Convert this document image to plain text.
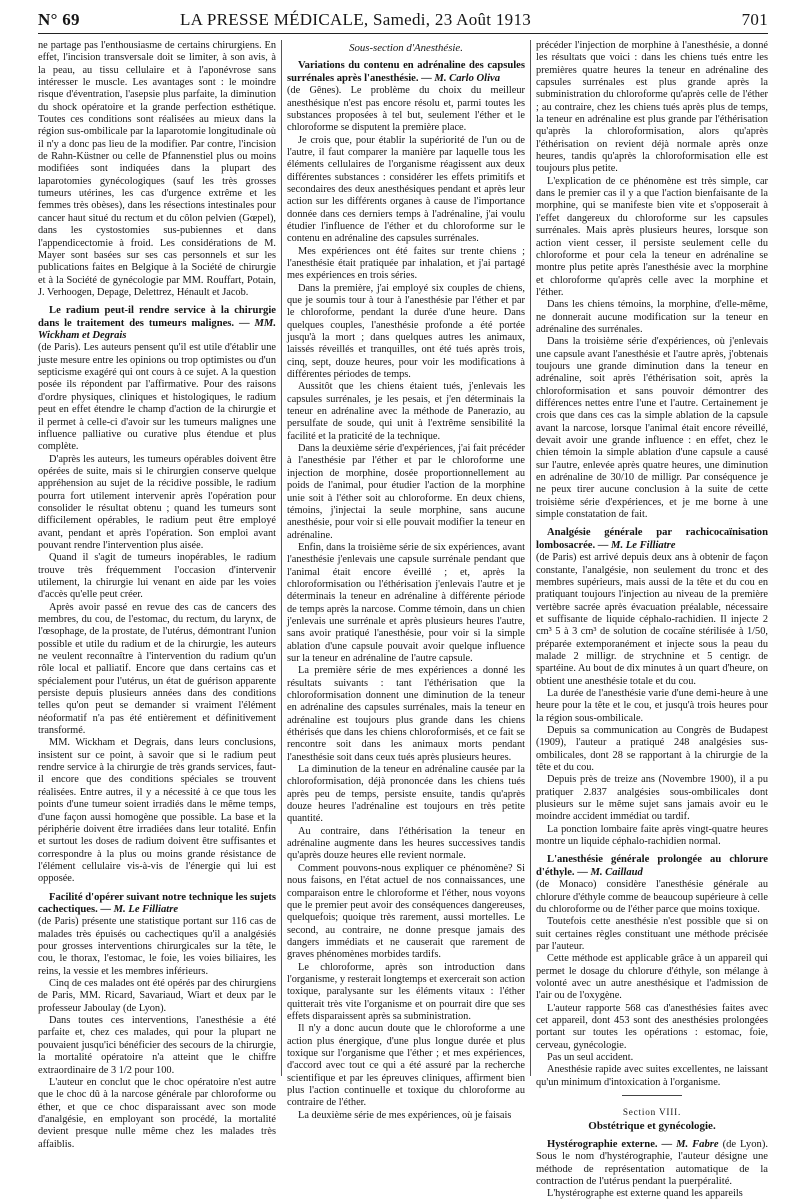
N° 69	LA PRESSE MÉDICALE, Samedi, 23 Août 1913	701

ne partage pas l'enthousiasme de certains chirurgiens. En effet, l'incision transversale doit se limiter, à son avis, à la peau, au tissu cellulaire et à l'aponévrose sans intéresser le muscle. Les avantages sont : le moindre risque d'éventration, l'asepsie plus parfaite, la diminution du shock opératoire et la grande perfection esthétique. Toutes ces conditions sont réalisées au mieux dans la région sus-ombilicale par la laparotomie longitudinale où il n'y a donc pas lieu de la modifier. Par contre, l'incision de Rahn-Küstner ou celle de Pfannenstiel plus ou moins modifiées sont indiquées dans la plupart des laparotomies gynécologiques (sauf les très grosses tumeurs utérines, les cas d'urgence extrême et les femmes très obèses), dans les résections intestinales pour cancer haut situé du rectum et du côlon pelvien (Gœpel), dans les cystostomies sus-pubiennes et dans l'appendicectomie à froid. Les considérations de M. Mayer sont basées sur ses cas personnels et sur les publications faites en Belgique à la Société de chirurgie et à la Société de gynécologie par MM. Rouffart, Potain, J. Verhoogen, Depage, Delettrez, Hénault et Jacob.

Le radium peut-il rendre service à la chirurgie dans le traitement des tumeurs malignes. — MM. Wickham et Degrais

(de Paris). Les auteurs pensent qu'il est utile d'établir une juste mesure entre les opinions ou trop optimistes ou d'un septicisme exagéré qui ont cours à ce sujet. A la question posée ils répondent par l'affirmative. Pour des raisons d'ordre physiques, cliniques et histologiques, le radium peut en effet étendre le champ d'action de la chirurgie et il permet à celle-ci d'avoir sur les tumeurs malignes une influence palliative ou curative plus étendue et plus complète.

D'après les auteurs, les tumeurs opérables doivent être opérées de suite, mais si le chirurgien conserve quelque appréhension au sujet de la récidive possible, le radium pourra fort utilement intervenir après l'opération pour consolider le résultat obtenu ; quand les tumeurs sont difficilement opérables, le radium peut être employé avant, pendant et après l'opération. Son emploi avant pouvant rendre l'intervention plus aisée.

Quand il s'agit de tumeurs inopérables, le radium trouve très fréquemment l'occasion d'intervenir utilement, la chirurgie lui venant en aide par les voies d'accès qu'elle peut créer.

Après avoir passé en revue des cas de cancers des membres, du cou, de l'estomac, du rectum, du larynx, de l'œsophage, de la prostate, de l'utérus, démontrant l'union possible et utile du radium et de la chirurgie, les auteurs ne veulent reconnaître à l'intervention du radium qu'un rôle local et palliatif. Encore que dans certains cas et spécialement pour l'utérus, un état de guérison apparente persiste depuis plusieurs années dans des conditions telles qu'on peut se demander si vraiment l'élément néoformatif n'a pas été entièrement et définitivement transformé.

MM. Wickham et Degrais, dans leurs conclusions, insistent sur ce point, à savoir que si le radium peut rendre service à la chirurgie de très grands services, faut-il encore que des conditions spéciales se trouvent réalisées. Entre autres, il y a nécessité à ce que tous les points d'une tumeur soient irradiés dans le même temps, d'une façon aussi homogène que possible. La base et la périphérie doivent être irradiées dans leur totalité. Enfin et surtout les doses de radium doivent être suffisantes et correspondre à la plus ou moins grande résistance de l'élément cellulaire vis-à-vis de l'énergie qui lui est opposée.

Facilité d'opérer suivant notre technique les sujets cachectiques. — M. Le Filliatre

(de Paris) présente une statistique portant sur 116 cas de malades très épuisés ou cachectiques qu'il a analgésiés pour grosses interventions chirurgicales sur la tête, le cou, le thorax, l'estomac, le foie, les voies biliaires, les reins, la vessie et les membres inférieurs.

Cinq de ces malades ont été opérés par des chirurgiens de Paris, MM. Ricard, Savariaud, Wiart et deux par le professeur Jaboulay (de Lyon).

Dans toutes ces interventions, l'anesthésie a été parfaite et, chez ces malades, qui pour la plupart ne pouvaient jusqu'ici bénéficier des secours de la chirurgie, la mortalité opératoire n'a atteint que le chiffre extraordinaire de 3 1/2 pour 100.

L'auteur en conclut que le choc opératoire n'est autre que le choc dû à la narcose générale par chloroforme ou éther, et que ce choc disparaissant avec son mode d'analgésie, en employant son procédé, la mortalité devient presque nulle même chez les malades très affaiblis.

Sous-section d'Anesthésie.
Variations du contenu en adrénaline des capsules surrénales après l'anesthésie. — M. Carlo Oliva

(de Gênes). Le problème du choix du meilleur anesthésique n'est pas encore résolu et, parmi toutes les substances proposées à tel but, seulement l'éther et le chloroforme se disputent la première place.

Je crois que, pour établir la supériorité de l'un ou de l'autre, il faut comparer la manière par laquelle tous les éléments cellulaires de l'organisme réagissent aux deux différentes substances : considérer les effets primitifs et secondaires des deux anesthésiques pendant et après leur action sur les différents organes à cause de l'importance donnée dans ces derniers temps à l'adrénaline, j'ai voulu étudier l'influence de l'éther et du chloroforme sur le contenu en adrénaline des capsules surrénales.

Mes expériences ont été faites sur trente chiens ; l'anesthésie était pratiquée par inhalation, et j'ai partagé mes expériences en trois séries.

Dans la première, j'ai employé six couples de chiens, que je soumis tour à tour à l'anesthésie par l'éther et par le chloroforme, pendant la durée d'une heure. Dans quelques couples, l'anesthésie profonde a été portée jusqu'à la mort ; dans quelques autres les animaux, laissés réveillés et tranquilles, ont été tués après trois, cinq, sept, douze heures, pour voir les modifications à différentes périodes de temps.

Aussitôt que les chiens étaient tués, j'enlevais les capsules surrénales, je les pesais, et j'en déterminais la teneur en adrénaline avec la méthode de Panerazio, au persulfate de soude, qui unit à l'extrême sensibilité la facilité et la praticité de la technique.

Dans la deuxième série d'expériences, j'ai fait précéder à l'anesthésie par l'éther et par le chloroforme une injection de morphine, dosée proportionnellement au poids de l'animal, pour étudier l'action de la morphine unie soit à l'éther soit au chloroforme. En deux chiens, témoins, j'injectai la seule morphine, sans aucune anesthésie, pour voir si elle pouvait modifier la teneur en adrénaline.

Enfin, dans la troisième série de six expériences, avant l'anesthésie j'enlevais une capsule surrénale pendant que l'animal était encore éveillé ; et, après la chloroformisation ou l'éthérisation j'enlevais l'autre et je déterminais la teneur en adrénaline à différente période de temps après la narcose. Comme témoin, dans un chien j'enlevais une surrénale et après plusieurs heures l'autre, sans avoir pratiqué l'anesthésie, pour voir si la simple ablation d'une capsule pouvait avoir quelque influence sur la teneur en adrénaline de l'autre capsule.

La première série de mes expériences a donné les résultats suivants : tant l'éthérisation que la chloroformisation donnent une diminution de la teneur en adrénaline des capsules surrénales, mais la teneur en adrénaline est toujours plus grande dans les chiens éthérisés que dans les chiens chloroformisés, et ce fait se rencontre soit dans les animaux morts pendant l'anesthésie soit dans ceux tués après plusieurs heures.

La diminution de la teneur en adrénaline causée par la chloroformisation, déjà prononcée dans les chiens tués après peu de temps, persiste ensuite, tandis qu'après douze heures l'adrénaline est toujours en très petite quantité.

Au contraire, dans l'éthérisation la teneur en adrénaline augmente dans les heures successives tandis qu'après douze heures elle revient normale.

Comment pouvons-nous expliquer ce phénomène? Si nous faisons, en l'état actuel de nos connaissances, une comparaison entre le chloroforme et l'éther, nous voyons que le premier peut avoir des conséquences dangereuses, quelquefois; quoique très rarement, aussi mortelles. Le second, au contraire, ne donne presque jamais des dangers immédiats et ne causerait que rarement de graves phénomènes morbides tardifs.

Le chloroforme, après son introduction dans l'organisme, y resterait longtemps et exercerait son action toxique, paralysante sur les éléments vitaux : l'éther quitterait très vite l'organisme et on pourrait dire que ses effets disparaissent après sa subministration.

Il n'y a donc aucun doute que le chloroforme a une action plus énergique, d'une plus longue durée et plus toxique sur l'organisme que l'éther ; et mes expériences, d'accord avec tout ce qui a été assuré par la recherche scientifique et par les épreuves cliniques, affirment bien plus l'action continuelle et toxique du chloroforme au contraire de l'éther.

La deuxième série de mes expériences, où je faisais

précéder l'injection de morphine à l'anesthésie, a donné les résultats que voici : dans les chiens tués entre les premières quatre heures la teneur en adrénaline des capsules surrénales est plus grande après la subministration du chloroforme qu'après celle de l'éther ; au contraire, chez les chiens tués après plus de temps, la teneur en adrénaline est plus grande par l'éthérisation qu'après la chloroformisation, alors qu'après l'éthérisation on revient déjà normale après onze heures, tandis qu'après la chloroformisation elle est toujours plus petite.

L'explication de ce phénomène est très simple, car dans le premier cas il y a que l'action bienfaisante de la morphine, qui se manifeste bien vite et s'opposerait à l'effet dangereux du chloroforme sur les capsules surrénales. Mais après plusieurs heures, lorsque son action vient cesser, il persiste seulement celle du chloroforme et pour cela la teneur en adrénaline se montre plus petite après l'anesthésie avec la morphine et chloroforme qu'après celle avec la morphine et l'éther.

Dans les chiens témoins, la morphine, d'elle-même, ne donnerait aucune modification sur la teneur en adrénaline des surrénales.

Dans la troisième série d'expériences, où j'enlevais une capsule avant l'anesthésie et l'autre après, j'obtenais toujours une grande diminution dans la teneur en adrénaline, soit après l'éthérisation soit, après la chloroformisation et sans pouvoir démontrer des différences nettes entre l'une et l'autre. Certainement je crois que dans ces cas la simple ablation de la capsule avant la narcose, lorsque l'animal était encore réveillé, devait avoir une grande influence : en effet, chez le chien témoin la simple ablation d'une capsule a causé sur l'autre, enlevée après quatre heures, une diminution en adrénaline de 30/10 de milligr. Par conséquence je ne peux tirer aucune conclusion à la suite de cette troisième série d'expériences, et je me borne à une simple constatation de fait.

Analgésie générale par rachicocaïnisation lombosacrée. — M. Le Filliatre

(de Paris) est arrivé depuis deux ans à obtenir de façon constante, l'analgésie, non seulement du tronc et des membres supérieurs, mais aussi de la tête et du cou en pratiquant toujours l'injection au niveau de la première vertèbre sacrée après évacuation préalable, nécessaire et suffisante de liquide céphalo-rachidien. Il injecte 2 cm³ 5 à 3 cm³ de solution de cocaïne stérilisée à 1/50, préparée extemporanément et injecte sous la peau du malade 2 milligr. de strychnine et 5 centigr. de spartéine. Au bout de dix minutes à un quart d'heure, on obtient une anesthésie totale et du cou.

La durée de l'anesthésie varie d'une demi-heure à une heure pour la tête et le cou, et jusqu'à trois heures pour la région sous-ombilicale.

Depuis sa communication au Congrès de Budapest (1909), l'auteur a pratiqué 248 analgésies sus-ombilicales, dont 28 se rapportant à la chirurgie de la tête et du cou.

Depuis près de treize ans (Novembre 1900), il a pu pratiquer 2.837 analgésies sous-ombilicales dont plusieurs sur le même sujet sans jamais avoir eu le moindre accident immédiat ou tardif.

La ponction lombaire faite après vingt-quatre heures montre un liquide céphalo-rachidien normal.

L'anesthésie générale prolongée au chlorure d'éthyle. — M. Caillaud

(de Monaco) considère l'anesthésie générale au chlorure d'éthyle comme de beaucoup supérieure à celle du chloroforme ou de l'éther parce que moins toxique.

Toutefois cette anesthésie n'est possible que si on suit certaines règles constituant une méthode précisée par l'auteur.

Cette méthode est applicable grâce à un appareil qui permet le dosage du chlorure d'éthyle, son mélange à volonté avec un autre anesthésique et l'admission de l'air ou de l'oxygène.

L'auteur rapporte 568 cas d'anesthésies faites avec cet appareil, dont 453 sont des anesthésies prolongées portant sur toutes les opérations : estomac, foie, cerveau, gynécologie.

Pas un seul accident.

Anesthésie rapide avec suites excellentes, ne laissant qu'un minimum d'intoxication à l'organisme.

Section VIII.
Obstétrique et gynécologie.
Hystérographie externe. — M. Fabre (de Lyon). Sous le nom d'hystérographie, l'auteur désigne une méthode de représentation automatique de la contraction de l'utérus pendant la puerpéralité.

L'hystérographe est externe quand les appareils
